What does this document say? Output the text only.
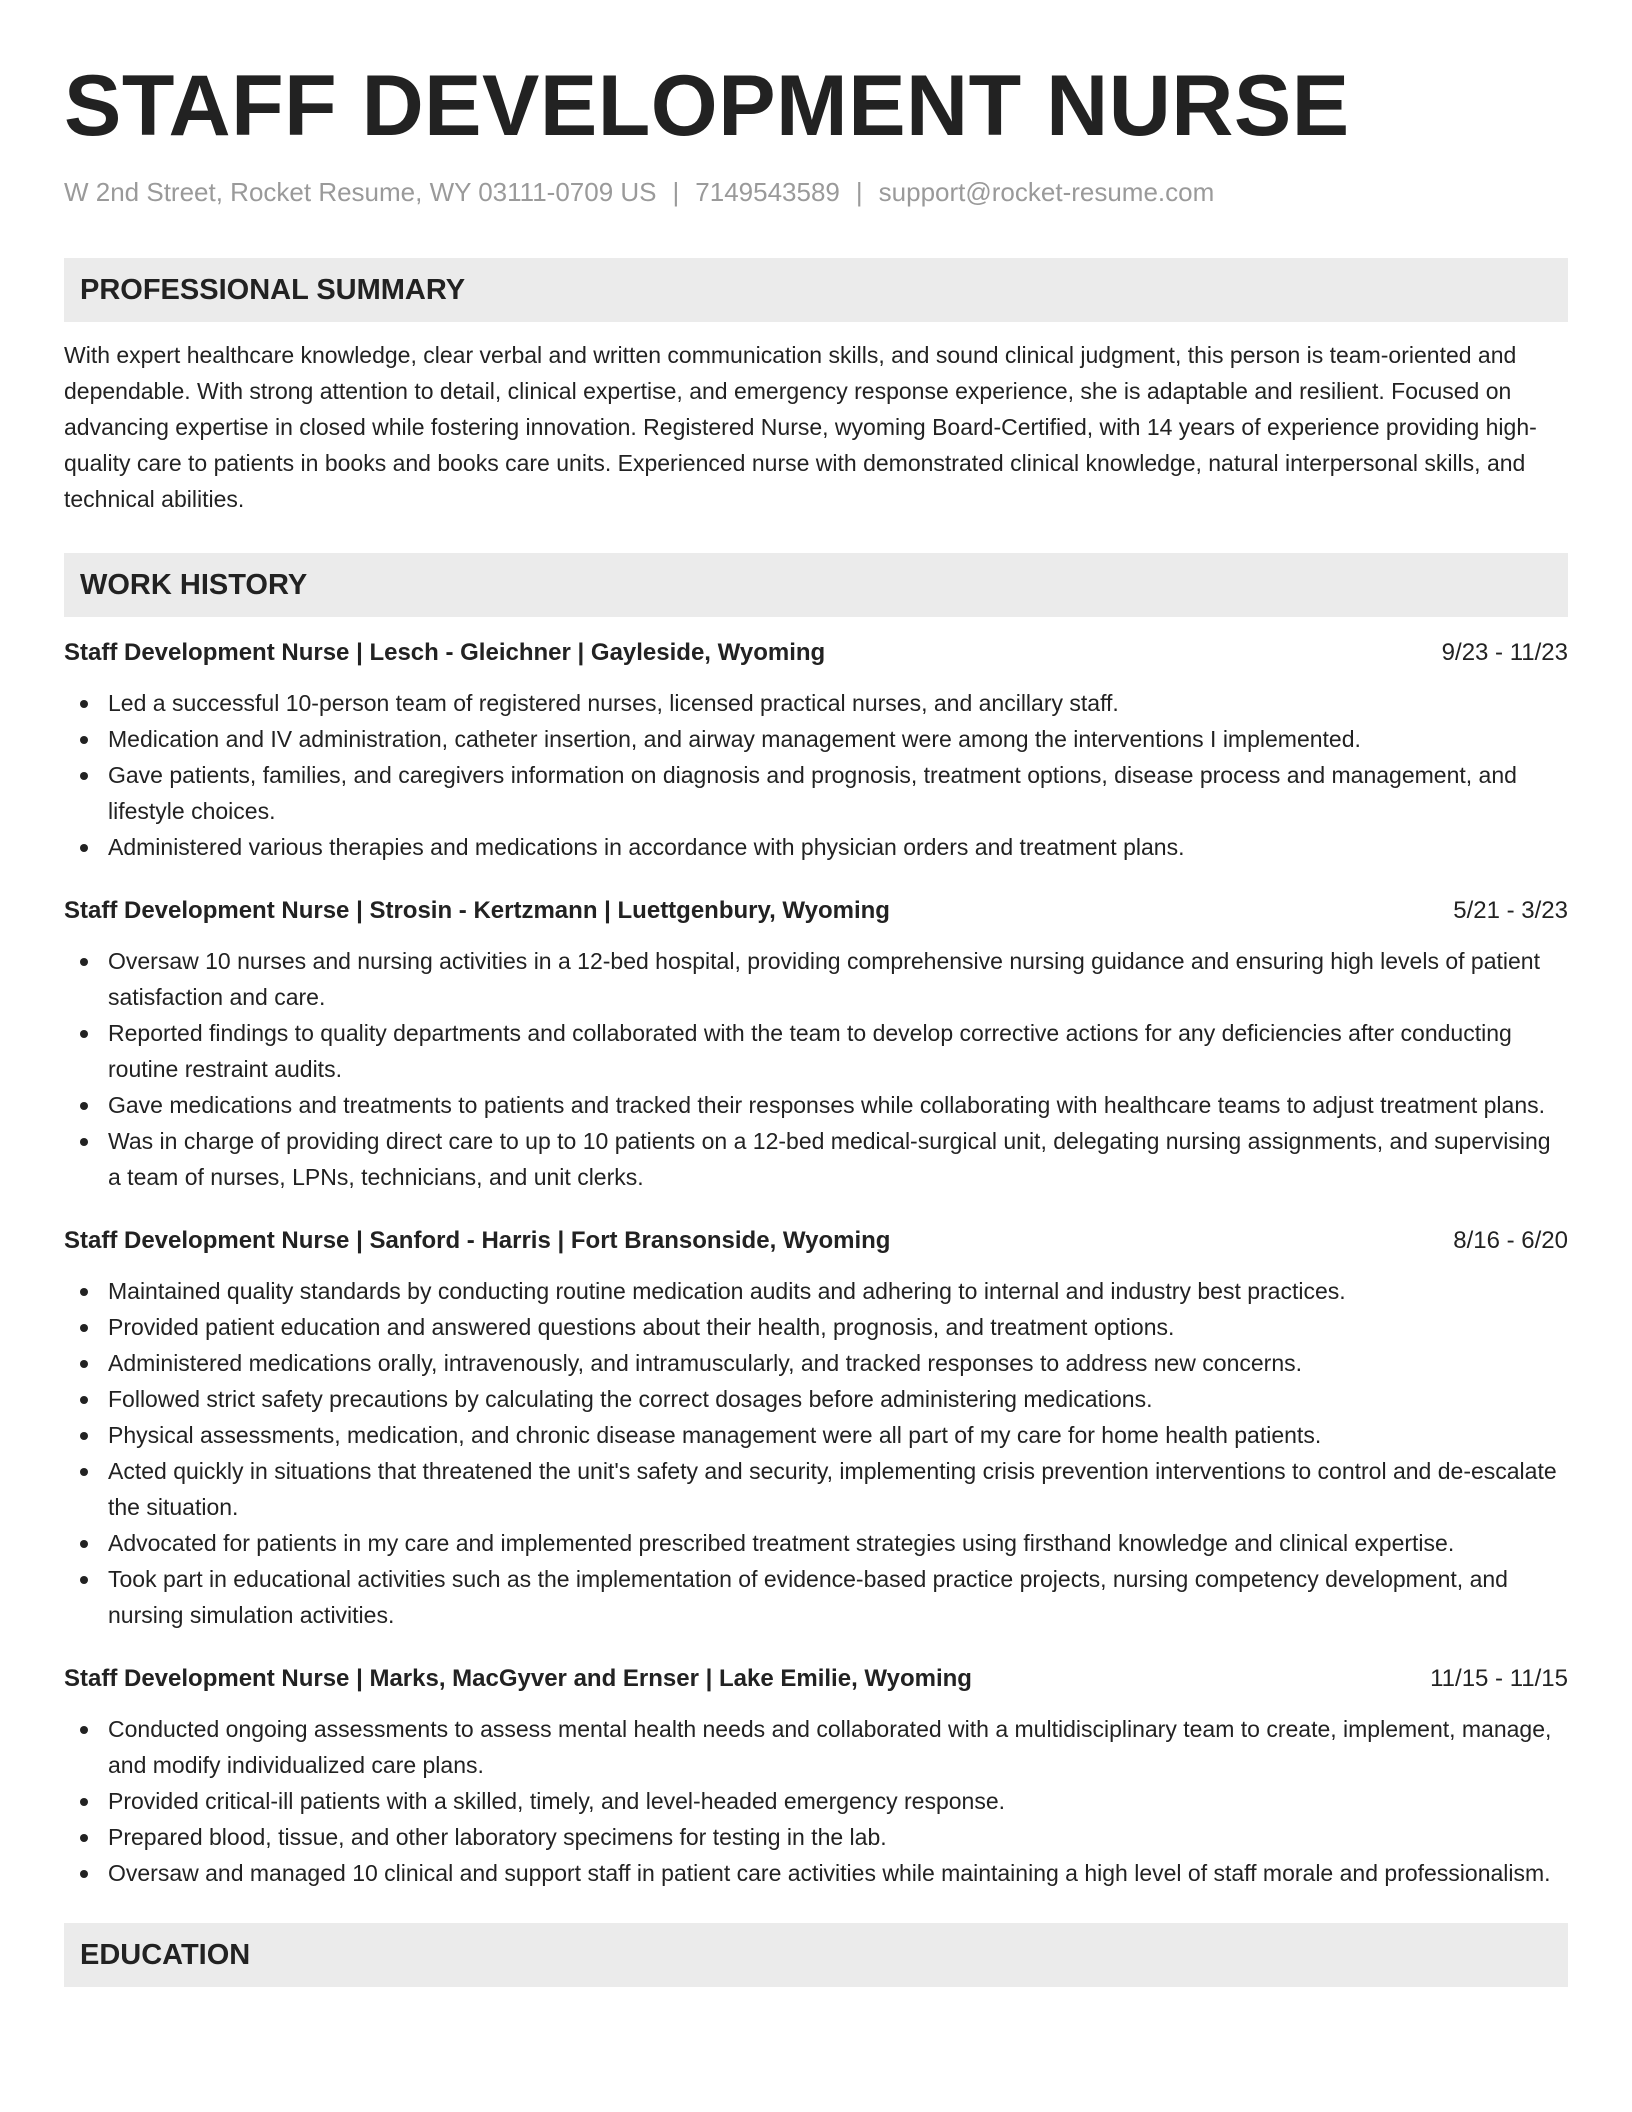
STAFF DEVELOPMENT NURSE
W 2nd Street, Rocket Resume, WY 03111-0709 US | 7149543589 | support@rocket-resume.com
PROFESSIONAL SUMMARY
With expert healthcare knowledge, clear verbal and written communication skills, and sound clinical judgment, this person is team-oriented and dependable. With strong attention to detail, clinical expertise, and emergency response experience, she is adaptable and resilient. Focused on advancing expertise in closed while fostering innovation. Registered Nurse, wyoming Board-Certified, with 14 years of experience providing high-quality care to patients in books and books care units. Experienced nurse with demonstrated clinical knowledge, natural interpersonal skills, and technical abilities.
WORK HISTORY
Staff Development Nurse | Lesch - Gleichner | Gayleside, Wyoming	9/23 - 11/23
Led a successful 10-person team of registered nurses, licensed practical nurses, and ancillary staff.
Medication and IV administration, catheter insertion, and airway management were among the interventions I implemented.
Gave patients, families, and caregivers information on diagnosis and prognosis, treatment options, disease process and management, and lifestyle choices.
Administered various therapies and medications in accordance with physician orders and treatment plans.
Staff Development Nurse | Strosin - Kertzmann | Luettgenbury, Wyoming	5/21 - 3/23
Oversaw 10 nurses and nursing activities in a 12-bed hospital, providing comprehensive nursing guidance and ensuring high levels of patient satisfaction and care.
Reported findings to quality departments and collaborated with the team to develop corrective actions for any deficiencies after conducting routine restraint audits.
Gave medications and treatments to patients and tracked their responses while collaborating with healthcare teams to adjust treatment plans.
Was in charge of providing direct care to up to 10 patients on a 12-bed medical-surgical unit, delegating nursing assignments, and supervising a team of nurses, LPNs, technicians, and unit clerks.
Staff Development Nurse | Sanford - Harris | Fort Bransonside, Wyoming	8/16 - 6/20
Maintained quality standards by conducting routine medication audits and adhering to internal and industry best practices.
Provided patient education and answered questions about their health, prognosis, and treatment options.
Administered medications orally, intravenously, and intramuscularly, and tracked responses to address new concerns.
Followed strict safety precautions by calculating the correct dosages before administering medications.
Physical assessments, medication, and chronic disease management were all part of my care for home health patients.
Acted quickly in situations that threatened the unit's safety and security, implementing crisis prevention interventions to control and de-escalate the situation.
Advocated for patients in my care and implemented prescribed treatment strategies using firsthand knowledge and clinical expertise.
Took part in educational activities such as the implementation of evidence-based practice projects, nursing competency development, and nursing simulation activities.
Staff Development Nurse | Marks, MacGyver and Ernser | Lake Emilie, Wyoming	11/15 - 11/15
Conducted ongoing assessments to assess mental health needs and collaborated with a multidisciplinary team to create, implement, manage, and modify individualized care plans.
Provided critical-ill patients with a skilled, timely, and level-headed emergency response.
Prepared blood, tissue, and other laboratory specimens for testing in the lab.
Oversaw and managed 10 clinical and support staff in patient care activities while maintaining a high level of staff morale and professionalism.
EDUCATION
